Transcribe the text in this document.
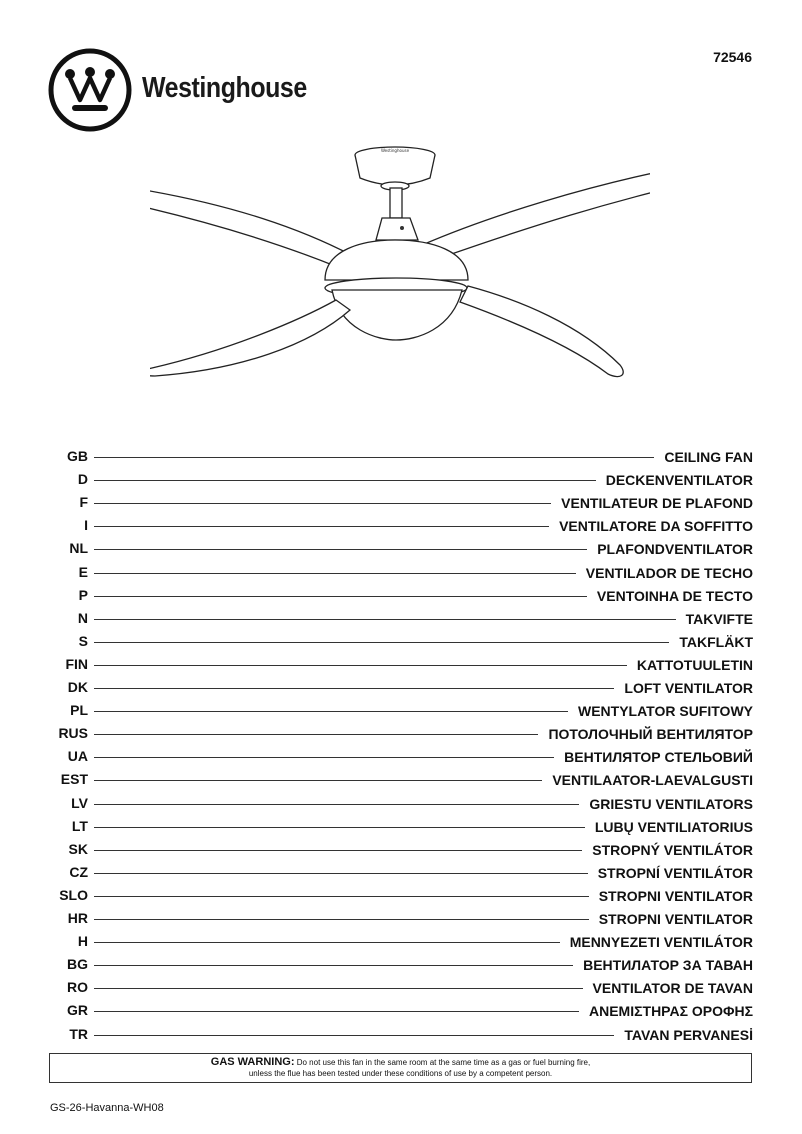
Westinghouse
72546
Westinghouse
GB	CEILING FAN
D	DECKENVENTILATOR
F	VENTILATEUR DE PLAFOND
I	VENTILATORE DA SOFFITTO
NL	PLAFONDVENTILATOR
E	VENTILADOR DE TECHO
P	VENTOINHA DE TECTO
N	TAKVIFTE
S	TAKFLÄKT
FIN	KATTOTUULETIN
DK	LOFT VENTILATOR
PL	WENTYLATOR SUFITOWY
RUS	ПОТОЛОЧНЫЙ ВЕНТИЛЯТОР
UA	ВЕНТИЛЯТОР СТЕЛЬОВИЙ
EST	VENTILAATOR-LAEVALGUSTI
LV	GRIESTU VENTILATORS
LT	LUBŲ VENTILIATORIUS
SK	STROPNÝ VENTILÁTOR
CZ	STROPNÍ VENTILÁTOR
SLO	STROPNI VENTILATOR
HR	STROPNI VENTILATOR
H	MENNYEZETI VENTILÁTOR
BG	ВЕНТИЛАТОР ЗА ТАВАН
RO	VENTILATOR DE TAVAN
GR	ΑΝΕΜΙΣΤΗΡΑΣ ΟΡΟΦΗΣ
TR	TAVAN PERVANESİ
GAS WARNING: Do not use this fan in the same room at the same time as a gas or fuel burning fire,
unless the flue has been tested under these conditions of use by a competent person.
GS-26-Havanna-WH08
